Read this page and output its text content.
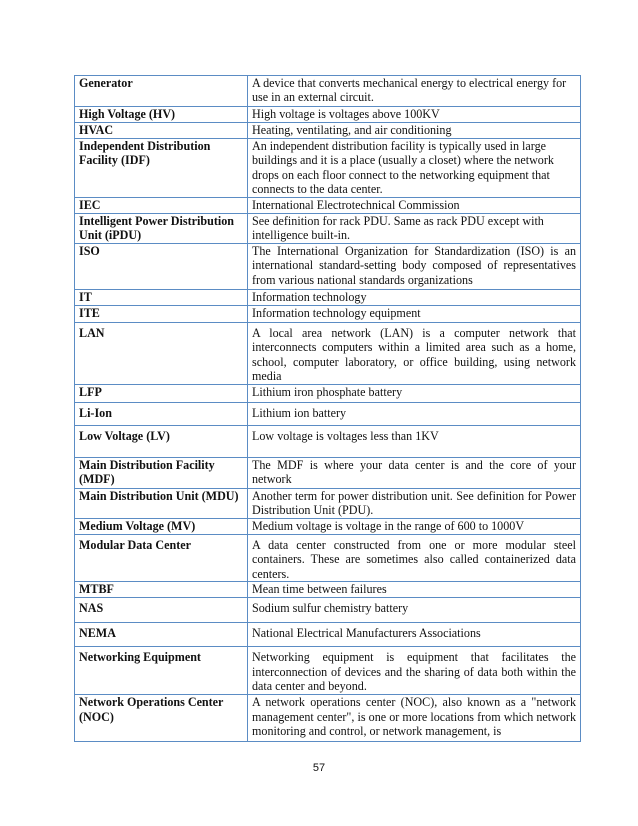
Generator	A device that converts mechanical energy to electrical energy for use in an external circuit.
High Voltage (HV)	High voltage is voltages above 100KV
HVAC	Heating, ventilating, and air conditioning
Independent Distribution Facility (IDF)	An independent distribution facility is typically used in large buildings and it is a place (usually a closet) where the network drops on each floor connect to the networking equipment that connects to the data center.
IEC	International Electrotechnical Commission
Intelligent Power Distribution Unit (iPDU)	See definition for rack PDU. Same as rack PDU except with intelligence built-in.
ISO	The International Organization for Standardization (ISO) is an international standard-setting body composed of representatives from various national standards organizations
IT	Information technology
ITE	Information technology equipment
LAN	A local area network (LAN) is a computer network that interconnects computers within a limited area such as a home, school, computer laboratory, or office building, using network media
LFP	Lithium iron phosphate battery
Li-Ion	Lithium ion battery
Low Voltage (LV)	Low voltage is voltages less than 1KV
Main Distribution Facility (MDF)	The MDF is where your data center is and the core of your network
Main Distribution Unit (MDU)	Another term for power distribution unit. See definition for Power Distribution Unit (PDU).
Medium Voltage (MV)	Medium voltage is voltage in the range of 600 to 1000V
Modular Data Center	A data center constructed from one or more modular steel containers. These are sometimes also called containerized data centers.
MTBF	Mean time between failures
NAS	Sodium sulfur chemistry battery
NEMA	National Electrical Manufacturers Associations
Networking Equipment	Networking equipment is equipment that facilitates the interconnection of devices and the sharing of data both within the data center and beyond.
Network Operations Center (NOC)	A network operations center (NOC), also known as a "network management center", is one or more locations from which network monitoring and control, or network management, is
57
